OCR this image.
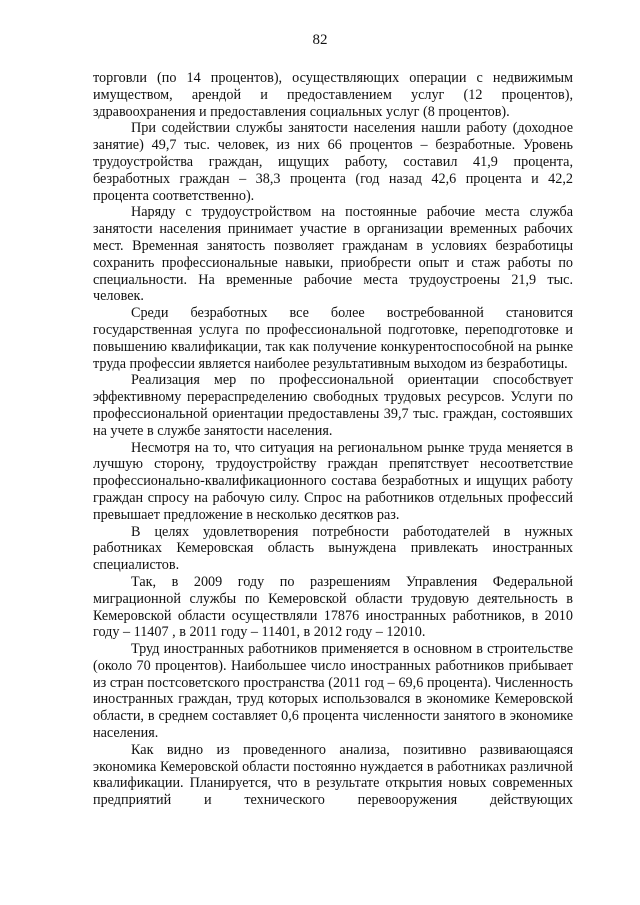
82

торговли (по 14 процентов), осуществляющих операции с недвижимым имуществом, арендой и предоставлением услуг (12 процентов), здравоохранения и предоставления социальных услуг (8 процентов).

При содействии службы занятости населения нашли работу (доходное занятие) 49,7 тыс. человек, из них 66 процентов – безработные. Уровень трудоустройства граждан, ищущих работу, составил 41,9 процента, безработных граждан – 38,3 процента (год назад 42,6 процента и 42,2 процента соответственно).

Наряду с трудоустройством на постоянные рабочие места служба занятости населения принимает участие в организации временных рабочих мест. Временная занятость позволяет гражданам в условиях безработицы сохранить профессиональные навыки, приобрести опыт и стаж работы по специальности. На временные рабочие места трудоустроены 21,9 тыс. человек.

Среди безработных все более востребованной становится государственная услуга по профессиональной подготовке, переподготовке и повышению квалификации, так как получение конкурентоспособной на рынке труда профессии является наиболее результативным выходом из безработицы.

Реализация мер по профессиональной ориентации способствует эффективному перераспределению свободных трудовых ресурсов. Услуги по профессиональной ориентации предоставлены 39,7 тыс. граждан, состоявших на учете в службе занятости населения.

Несмотря на то, что ситуация на региональном рынке труда меняется в лучшую сторону, трудоустройству граждан препятствует несоответствие профессионально-квалификационного состава безработных и ищущих работу граждан спросу на рабочую силу. Спрос на работников отдельных профессий превышает предложение в несколько десятков раз.

В целях удовлетворения потребности работодателей в нужных работниках Кемеровская область вынуждена привлекать иностранных специалистов.

Так, в 2009 году по разрешениям Управления Федеральной миграционной службы по Кемеровской области трудовую деятельность в Кемеровской области осуществляли 17876 иностранных работников, в 2010 году – 11407 , в 2011 году – 11401, в 2012 году – 12010.

Труд иностранных работников применяется в основном в строительстве (около 70 процентов). Наибольшее число иностранных работников прибывает из стран постсоветского пространства (2011 год – 69,6 процента). Численность иностранных граждан, труд которых использовался в экономике Кемеровской области, в среднем составляет 0,6 процента численности занятого в экономике населения.

Как видно из проведенного анализа, позитивно развивающаяся экономика Кемеровской области постоянно нуждается в работниках различной квалификации. Планируется, что в результате открытия новых современных предприятий и технического перевооружения действующих
